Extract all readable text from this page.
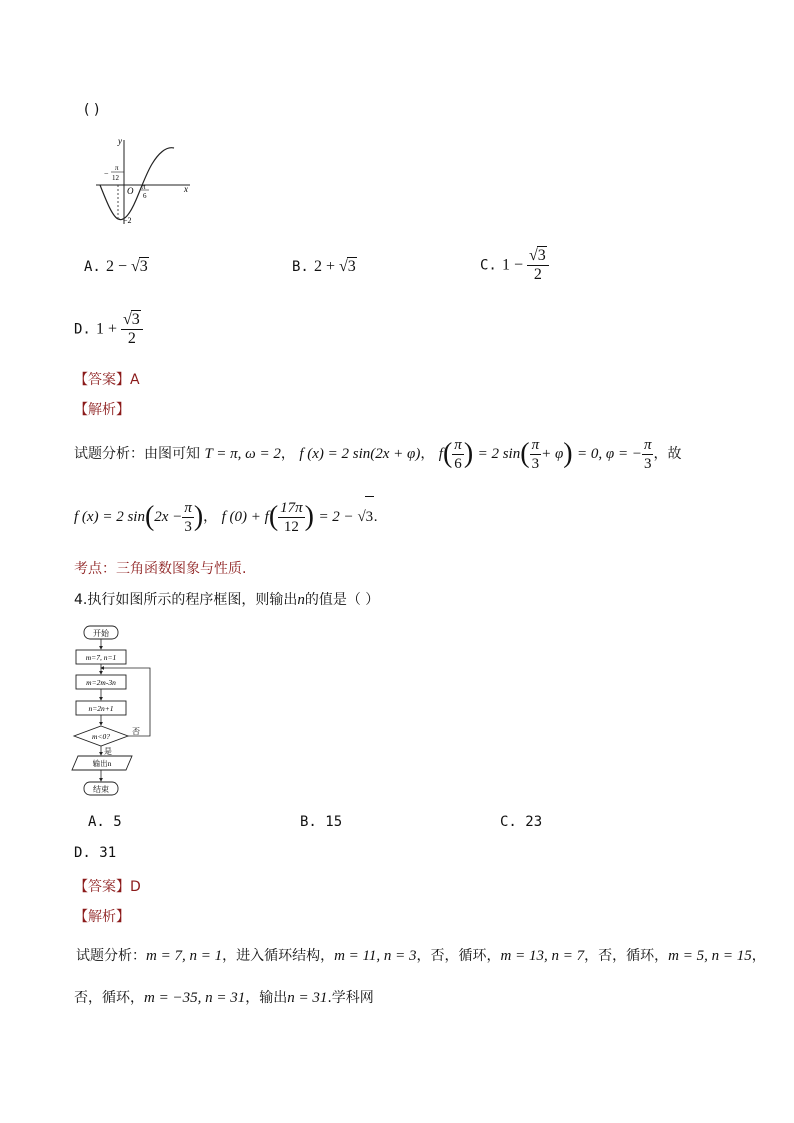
( )
y
x
O
−
π
12
π
6
−2
A. 2 − √3	B. 2 + √3	C. $1 - \frac{√3}{2}$
D. $1 + \frac{√3}{2}$
【答案】A
【解析】
试题分析：由图可知 T = π, ω = 2， f (x) = 2 sin(2x + φ)， $f( \frac{\pi}{6}$ ) = 2 $\sin( \frac{\pi}{3} + \varphi) = 0$, φ = − $\frac{\pi}{3}$ ，故
f (x) = 2 $\sin(2x - \frac{\pi}{3}$ )， f $(0) + f( \frac{17\pi}{12}$ ) = 2 − √3.
考点：三角函数图象与性质.
4.执行如图所示的程序框图，则输出n的值是（ ）
开始
m=7, n=1
m=2m-3n
n=2n+1
m<0?
否
是
输出n
结束
A. 5	B. 15	C. 23
D. 31
【答案】D
【解析】
试题分析：m = 7, n = 1，进入循环结构，m = 11, n = 3，否，循环，m = 13, n = 7，否，循环，m = 5, n = 15，
否，循环，m = −35, n = 31，输出n = 31.学科网
